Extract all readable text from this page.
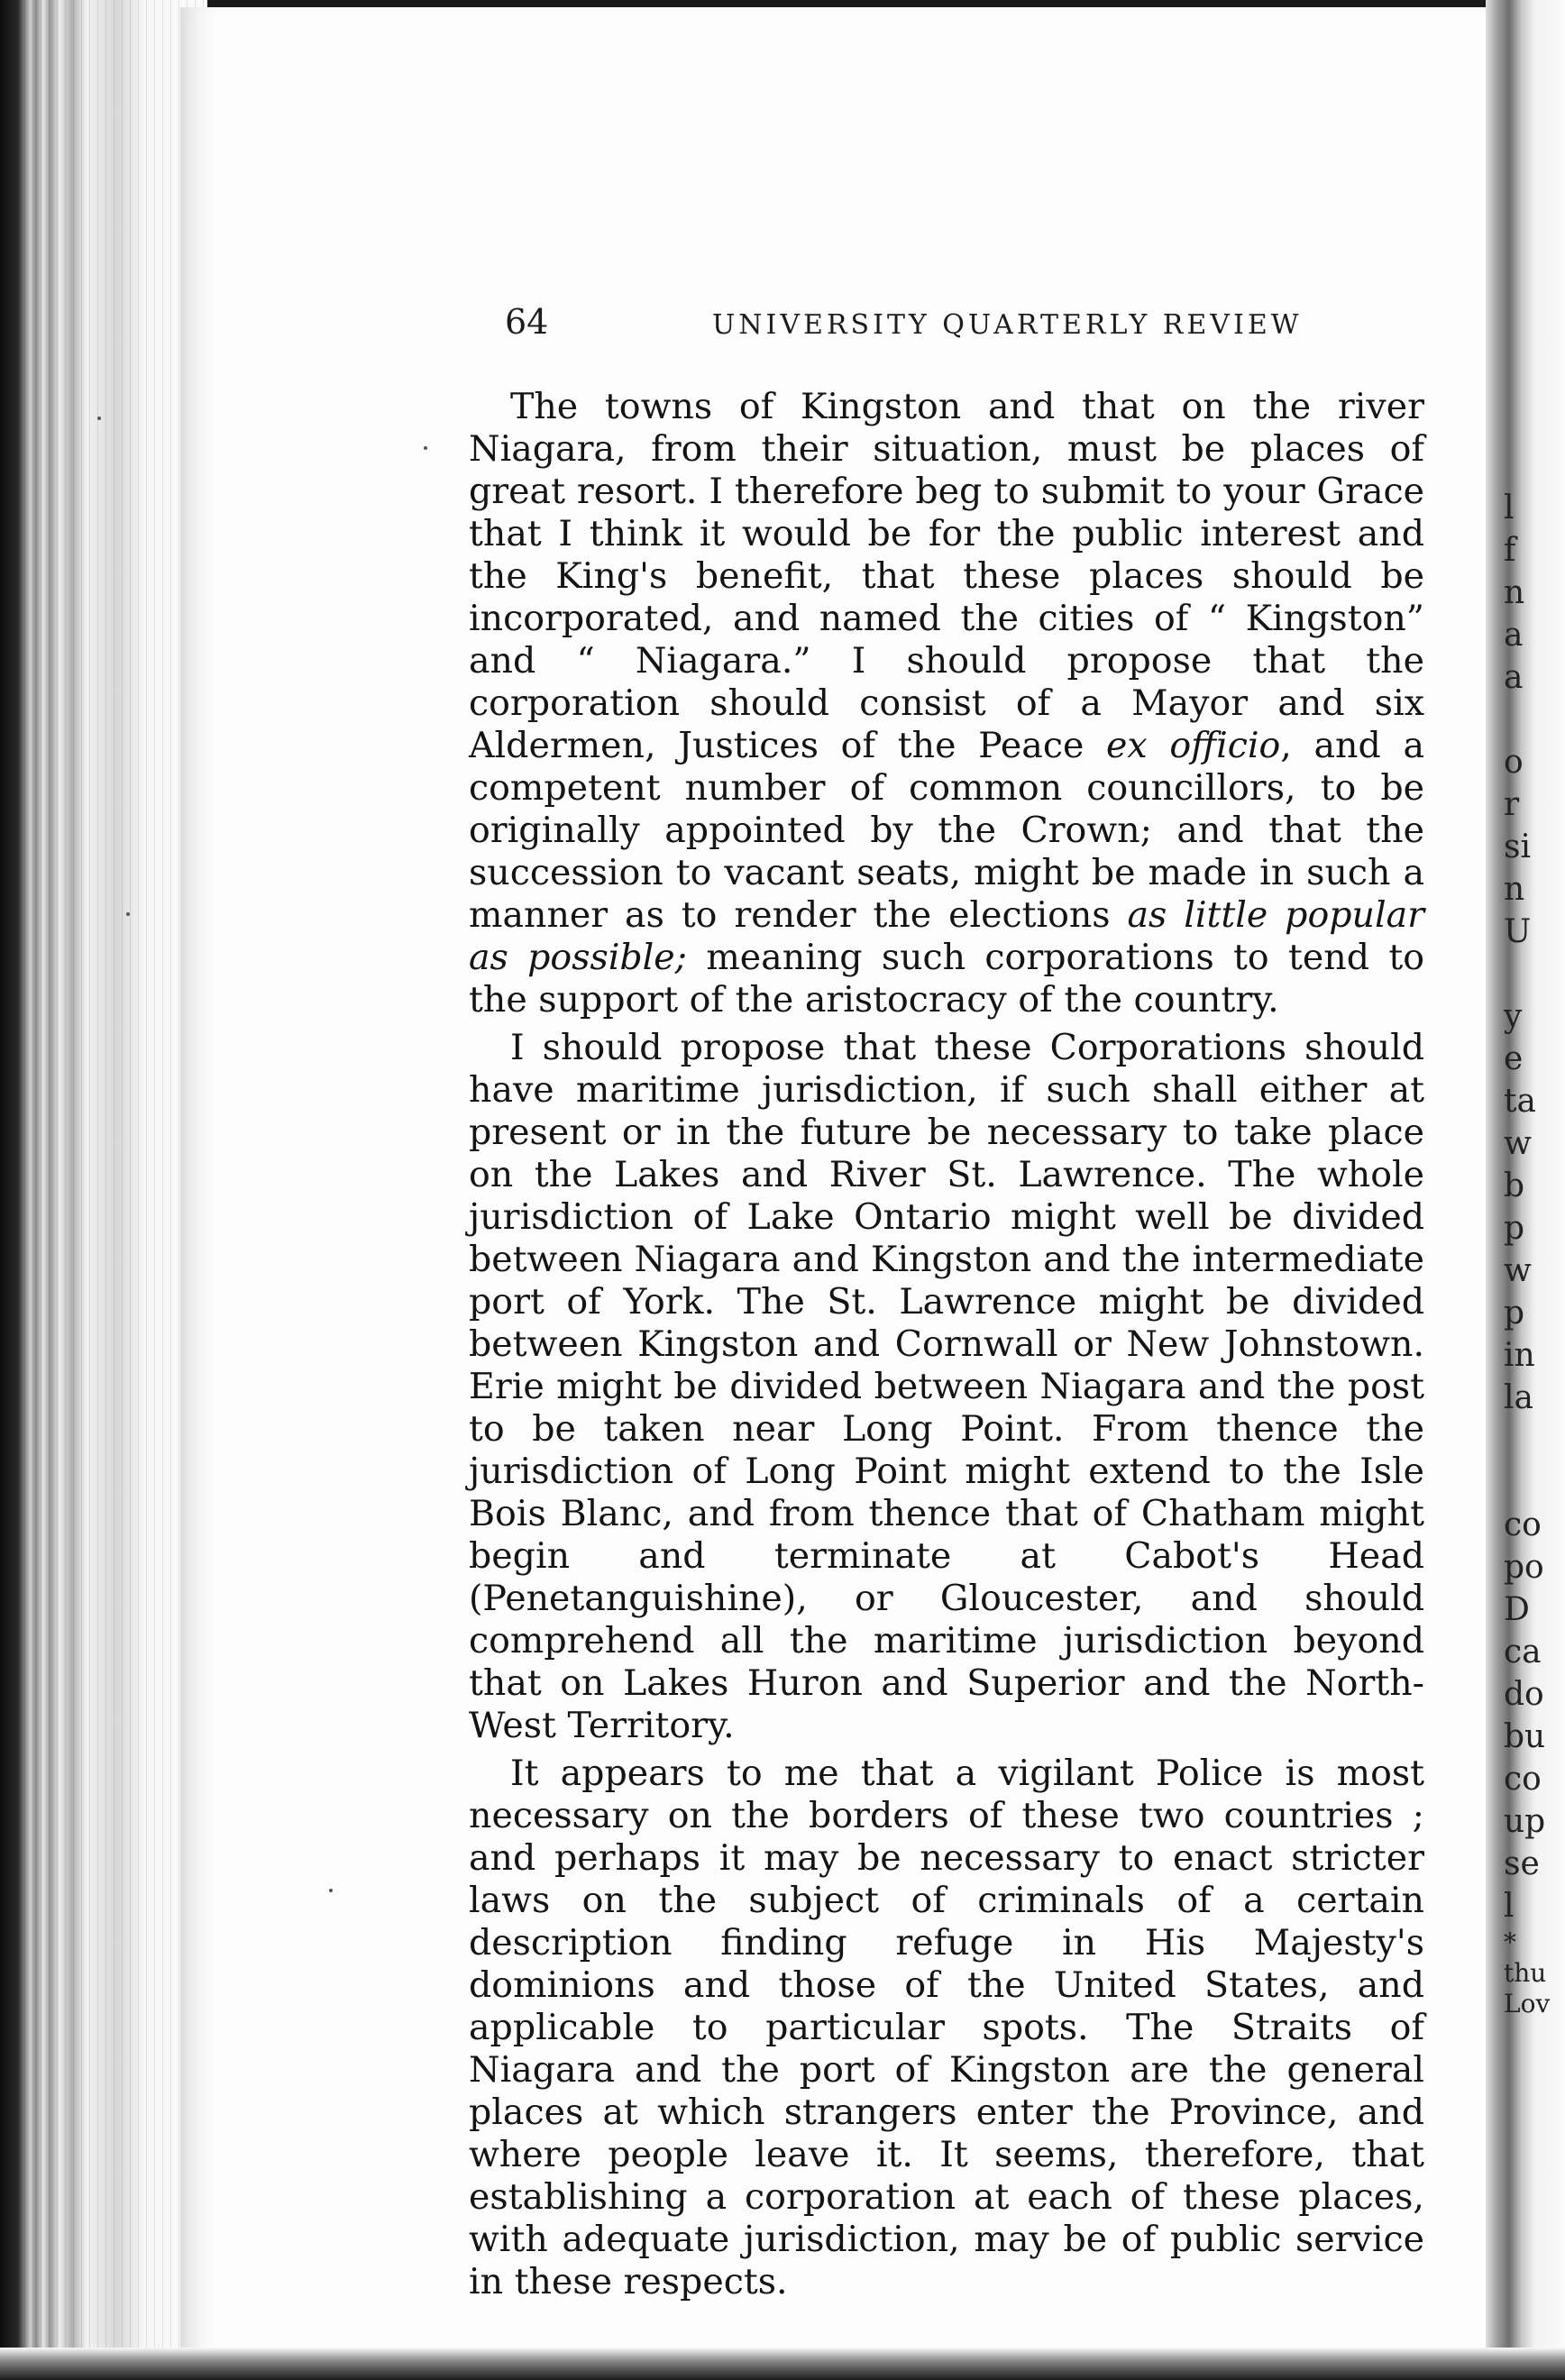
64	UNIVERSITY QUARTERLY REVIEW

The towns of Kingston and that on the river Niagara, from their situation, must be places of great resort. I therefore beg to submit to your Grace that I think it would be for the public interest and the King's benefit, that these places should be incorporated, and named the cities of “ Kingston” and “ Niagara.” I should propose that the corporation should consist of a Mayor and six Aldermen, Justices of the Peace ex officio, and a competent number of common councillors, to be originally appointed by the Crown; and that the succession to vacant seats, might be made in such a manner as to render the elections as little popular as possible; meaning such corporations to tend to the support of the aristocracy of the country.

I should propose that these Corporations should have maritime jurisdiction, if such shall either at present or in the future be necessary to take place on the Lakes and River St. Lawrence. The whole jurisdiction of Lake Ontario might well be divided between Niagara and Kingston and the intermediate port of York. The St. Lawrence might be divided between Kingston and Cornwall or New Johnstown. Erie might be divided between Niagara and the post to be taken near Long Point. From thence the jurisdiction of Long Point might extend to the Isle Bois Blanc, and from thence that of Chatham might begin and terminate at Cabot's Head (Penetanguishine), or Gloucester, and should comprehend all the maritime jurisdiction beyond that on Lakes Huron and Superior and the North-West Territory.

It appears to me that a vigilant Police is most necessary on the borders of these two countries ; and perhaps it may be necessary to enact stricter laws on the subject of criminals of a certain description finding refuge in His Majesty's dominions and those of the United States, and applicable to particular spots. The Straits of Niagara and the port of Kingston are the general places at which strangers enter the Province, and where people leave it. It seems, therefore, that establishing a corporation at each of these places, with adequate jurisdiction, may be of public service in these respects.

l
f
n
a
a
o
r
si
n
U
y
e
ta
w
b
p
w
p
in
la
co
po
D
ca
do
bu
co
up
se
l
*
thu
Lov
